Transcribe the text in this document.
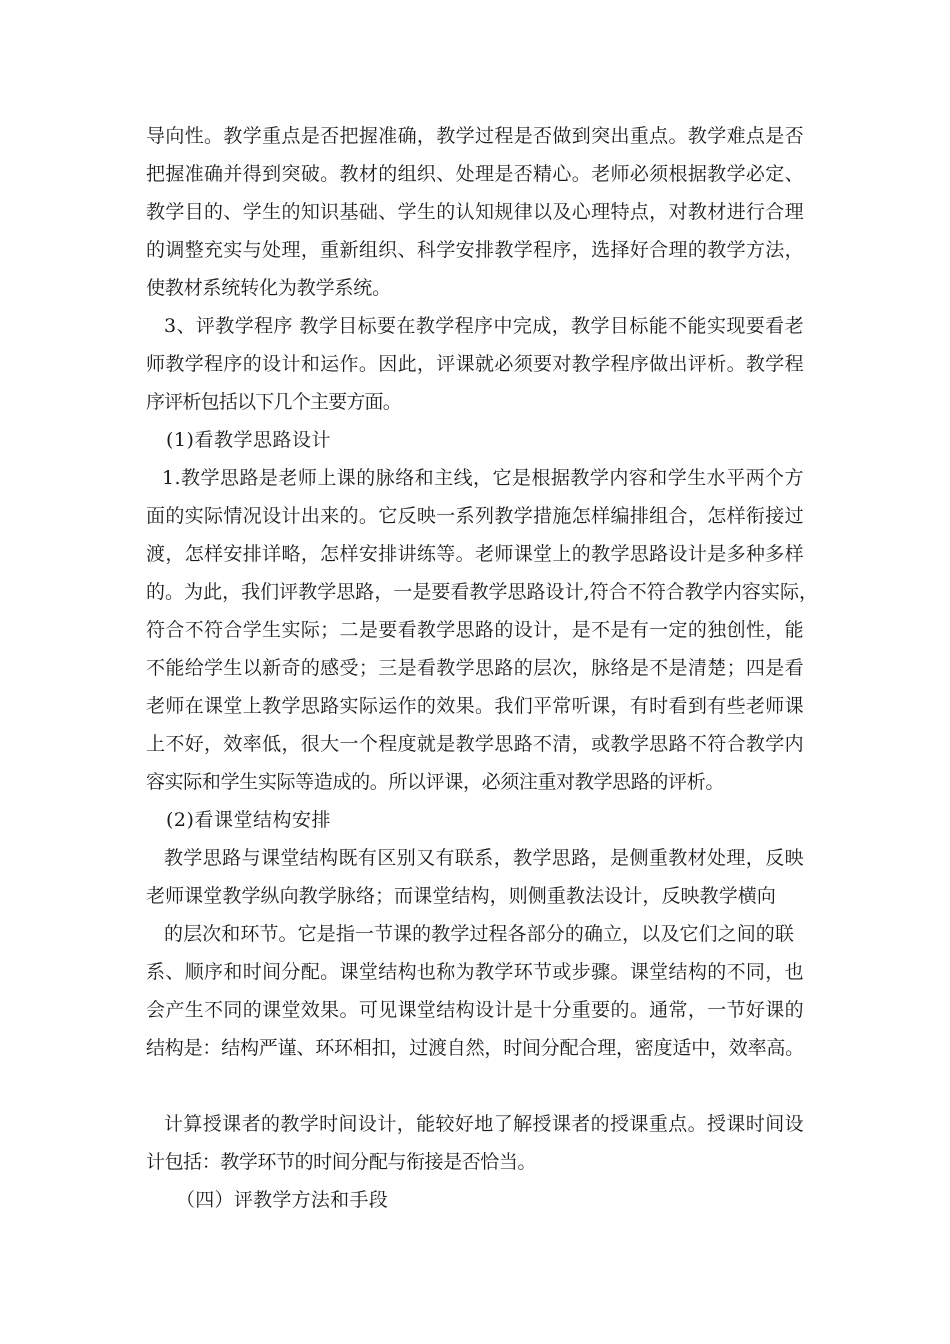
导向性。教学重点是否把握准确，教学过程是否做到突出重点。教学难点是否
把握准确并得到突破。教材的组织、处理是否精心。老师必须根据教学必定、
教学目的、学生的知识基础、学生的认知规律以及心理特点，对教材进行合理
的调整充实与处理，重新组织、科学安排教学程序，选择好合理的教学方法，
使教材系统转化为教学系统。
3、评教学程序 教学目标要在教学程序中完成，教学目标能不能实现要看老
师教学程序的设计和运作。因此，评课就必须要对教学程序做出评析。教学程
序评析包括以下几个主要方面。
(1)看教学思路设计
1.教学思路是老师上课的脉络和主线，它是根据教学内容和学生水平两个方
面的实际情况设计出来的。它反映一系列教学措施怎样编排组合，怎样衔接过
渡，怎样安排详略，怎样安排讲练等。老师课堂上的教学思路设计是多种多样
的。为此，我们评教学思路，一是要看教学思路设计,符合不符合教学内容实际，
符合不符合学生实际；二是要看教学思路的设计，是不是有一定的独创性，能
不能给学生以新奇的感受；三是看教学思路的层次，脉络是不是清楚；四是看
老师在课堂上教学思路实际运作的效果。我们平常听课，有时看到有些老师课
上不好，效率低，很大一个程度就是教学思路不清，或教学思路不符合教学内
容实际和学生实际等造成的。所以评课，必须注重对教学思路的评析。
(2)看课堂结构安排
教学思路与课堂结构既有区别又有联系，教学思路，是侧重教材处理，反映
老师课堂教学纵向教学脉络；而课堂结构，则侧重教法设计，反映教学横向
的层次和环节。它是指一节课的教学过程各部分的确立，以及它们之间的联
系、顺序和时间分配。课堂结构也称为教学环节或步骤。课堂结构的不同，也
会产生不同的课堂效果。可见课堂结构设计是十分重要的。通常，一节好课的
结构是：结构严谨、环环相扣，过渡自然，时间分配合理，密度适中，效率高。
计算授课者的教学时间设计，能较好地了解授课者的授课重点。授课时间设
计包括：教学环节的时间分配与衔接是否恰当。
（四）评教学方法和手段
